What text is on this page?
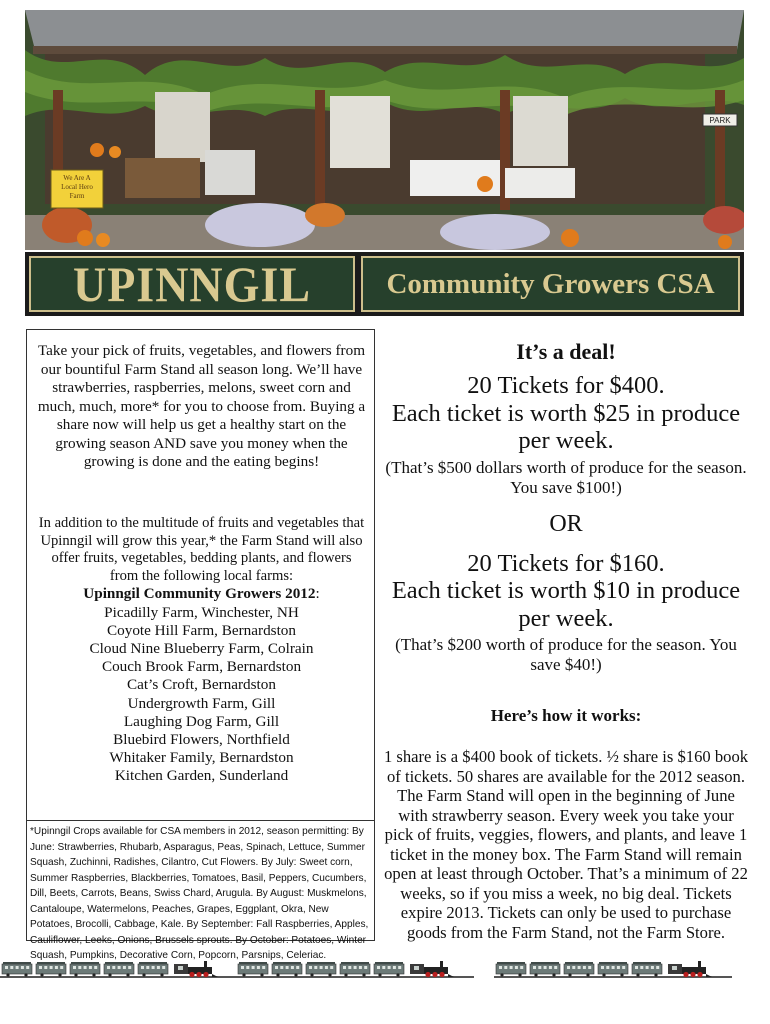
We Are A
Local Hero
Farm
PARK
UPINNGIL	Community Growers CSA

Take your pick of fruits, vegetables, and flowers from our bountiful Farm Stand all season long. We’ll have strawberries, raspberries, melons, sweet corn and much, much, more* for you to choose from. Buying a share now will help us get a healthy start on the growing season AND save you money when the growing is done and the eating begins!

In addition to the multitude of fruits and vegetables that Upinngil will grow this year,* the Farm Stand will also offer fruits, vegetables, bedding plants, and flowers from the following local farms:
Upinngil Community Growers 2012:
Picadilly Farm, Winchester, NH
Coyote Hill Farm, Bernardston
Cloud Nine Blueberry Farm, Colrain
Couch Brook Farm, Bernardston
Cat’s Croft, Bernardston
Undergrowth Farm, Gill
Laughing Dog Farm, Gill
Bluebird Flowers, Northfield
Whitaker Family, Bernardston
Kitchen Garden, Sunderland
*Upinngil Crops available for CSA members in 2012, season permitting: By June: Strawberries, Rhubarb, Asparagus, Peas, Spinach, Lettuce, Summer Squash, Zuchinni, Radishes, Cilantro, Cut Flowers. By July: Sweet corn, Summer Raspberries, Blackberries, Tomatoes, Basil, Peppers, Cucumbers, Dill, Beets, Carrots, Beans, Swiss Chard, Arugula. By August: Muskmelons, Cantaloupe, Watermelons, Peaches, Grapes, Eggplant, Okra, New Potatoes, Brocolli, Cabbage, Kale. By September: Fall Raspberries, Apples, Cauliflower, Leeks, Onions, Brussels sprouts. By October: Potatoes, Winter Squash, Pumpkins, Decorative Corn, Popcorn, Parsnips, Celeriac.

It’s a deal!

20 Tickets for $400.

Each ticket is worth $25 in produce per week.

(That’s $500 dollars worth of produce for the season. You save $100!)

OR

20 Tickets for $160.

Each ticket is worth $10 in produce per week.

(That’s $200 worth of produce for the season. You save $40!)

Here’s how it works:

1 share is a $400 book of tickets. ½ share is $160 book of tickets. 50 shares are available for the 2012 season. The Farm Stand will open in the beginning of June with strawberry season. Every week you take your pick of fruits, veggies, flowers, and plants, and leave 1 ticket in the money box. The Farm Stand will remain open at least through October. That’s a minimum of 22 weeks, so if you miss a week, no big deal. Tickets expire 2013. Tickets can only be used to purchase goods from the Farm Stand, not the Farm Store.
